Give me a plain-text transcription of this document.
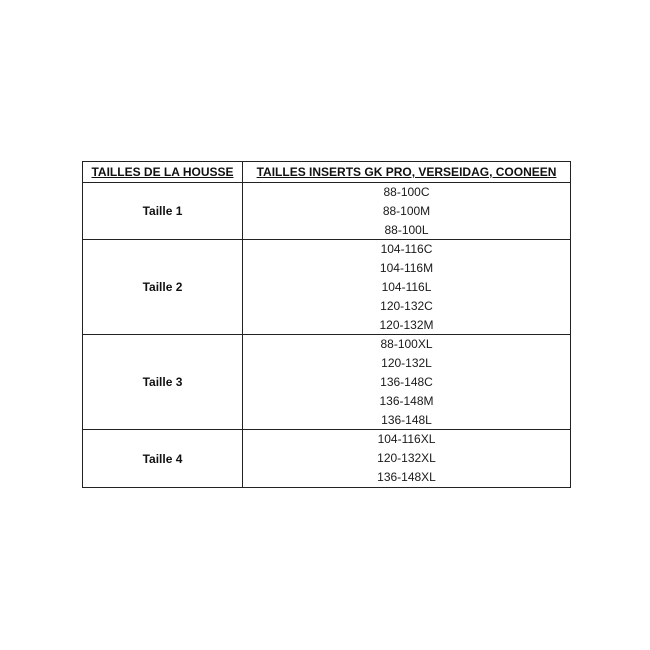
TAILLES DE LA HOUSSE	TAILLES INSERTS GK PRO, VERSEIDAG, COONEEN
Taille 1	88-100C
88-100M
88-100L

Taille 2	104-116C
104-116M
104-116L
120-132C
120-132M

Taille 3	88-100XL
120-132L
136-148C
136-148M
136-148L

Taille 4	104-116XL
120-132XL
136-148XL
